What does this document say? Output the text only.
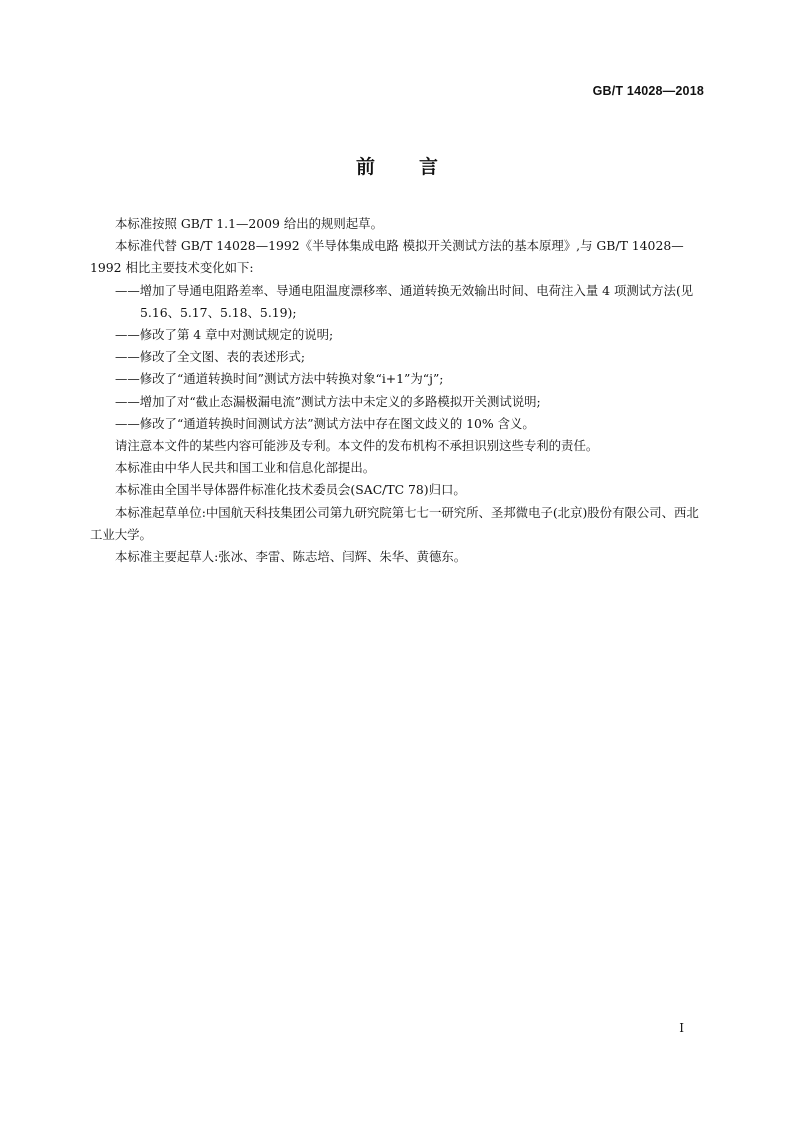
GB/T 14028—2018
前言

本标准按照 GB/T 1.1—2009 给出的规则起草。

本标准代替 GB/T 14028—1992《半导体集成电路 模拟开关测试方法的基本原理》,与 GB/T 14028—1992 相比主要技术变化如下:

——增加了导通电阻路差率、导通电阻温度漂移率、通道转换无效输出时间、电荷注入量 4 项测试方法(见 5.16、5.17、5.18、5.19);
——修改了第 4 章中对测试规定的说明;
——修改了全文图、表的表述形式;
——修改了“通道转换时间”测试方法中转换对象“i+1”为“j”;
——增加了对“截止态漏极漏电流”测试方法中未定义的多路模拟开关测试说明;
——修改了“通道转换时间测试方法”测试方法中存在图文歧义的 10% 含义。

请注意本文件的某些内容可能涉及专利。本文件的发布机构不承担识别这些专利的责任。

本标准由中华人民共和国工业和信息化部提出。

本标准由全国半导体器件标准化技术委员会(SAC/TC 78)归口。

本标准起草单位:中国航天科技集团公司第九研究院第七七一研究所、圣邦微电子(北京)股份有限公司、西北工业大学。

本标准主要起草人:张冰、李雷、陈志培、闫辉、朱华、黄德东。

I
